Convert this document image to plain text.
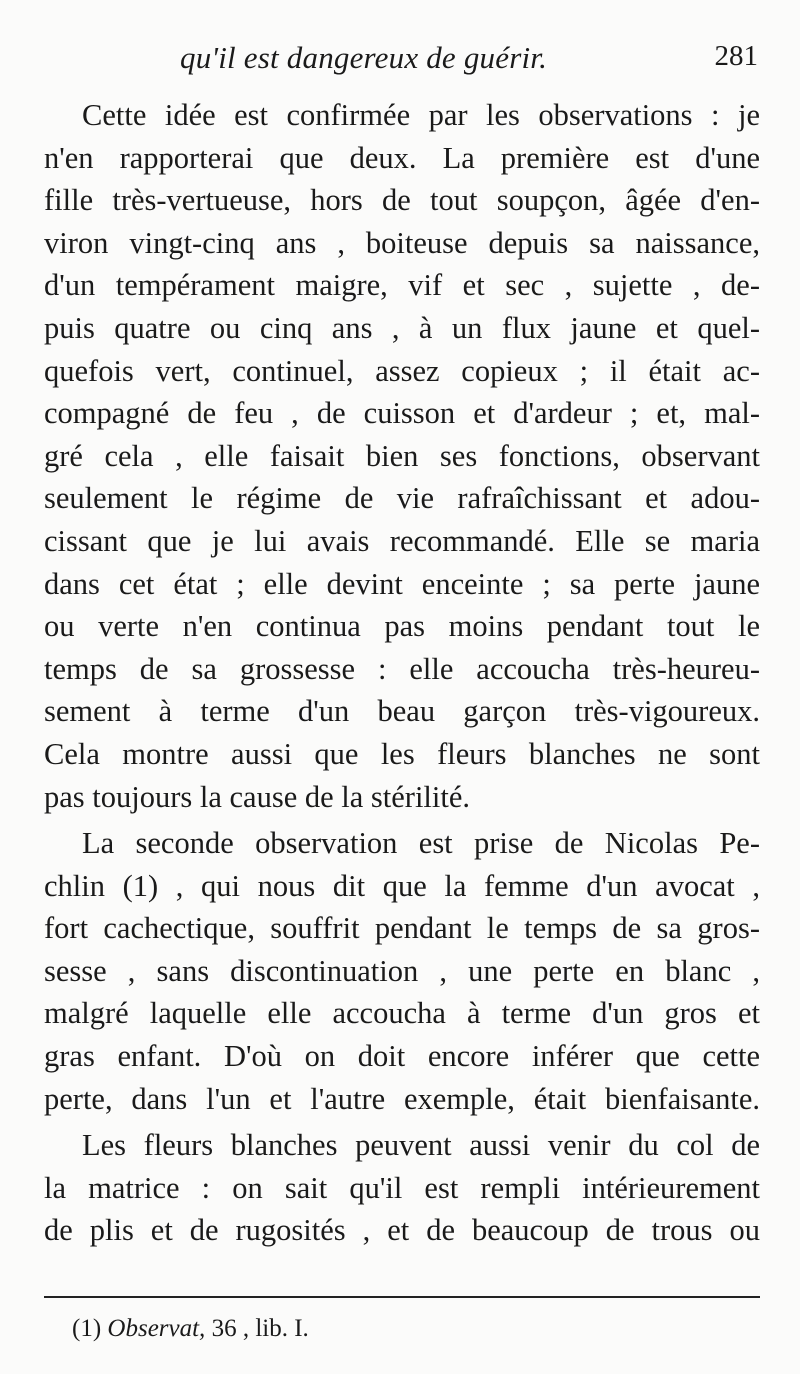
qu'il est dangereux de guérir.	281
Cette idée est confirmée par les observations : je
n'en rapporterai que deux. La première est d'une
fille très-vertueuse, hors de tout soupçon, âgée d'en-
viron vingt-cinq ans , boiteuse depuis sa naissance,
d'un tempérament maigre, vif et sec , sujette , de-
puis quatre ou cinq ans , à un flux jaune et quel-
quefois vert, continuel, assez copieux ; il était ac-
compagné de feu , de cuisson et d'ardeur ; et, mal-
gré cela , elle faisait bien ses fonctions, observant
seulement le régime de vie rafraîchissant et adou-
cissant que je lui avais recommandé. Elle se maria
dans cet état ; elle devint enceinte ; sa perte jaune
ou verte n'en continua pas moins pendant tout le
temps de sa grossesse : elle accoucha très-heureu-
sement à terme d'un beau garçon très-vigoureux.
Cela montre aussi que les fleurs blanches ne sont
pas toujours la cause de la stérilité.
La seconde observation est prise de Nicolas Pe-
chlin (1) , qui nous dit que la femme d'un avocat ,
fort cachectique, souffrit pendant le temps de sa gros-
sesse , sans discontinuation , une perte en blanc ,
malgré laquelle elle accoucha à terme d'un gros et
gras enfant. D'où on doit encore inférer que cette
perte, dans l'un et l'autre exemple, était bienfaisante.
Les fleurs blanches peuvent aussi venir du col de
la matrice : on sait qu'il est rempli intérieurement
de plis et de rugosités , et de beaucoup de trous ou
(1) Observat, 36 , lib. I.
